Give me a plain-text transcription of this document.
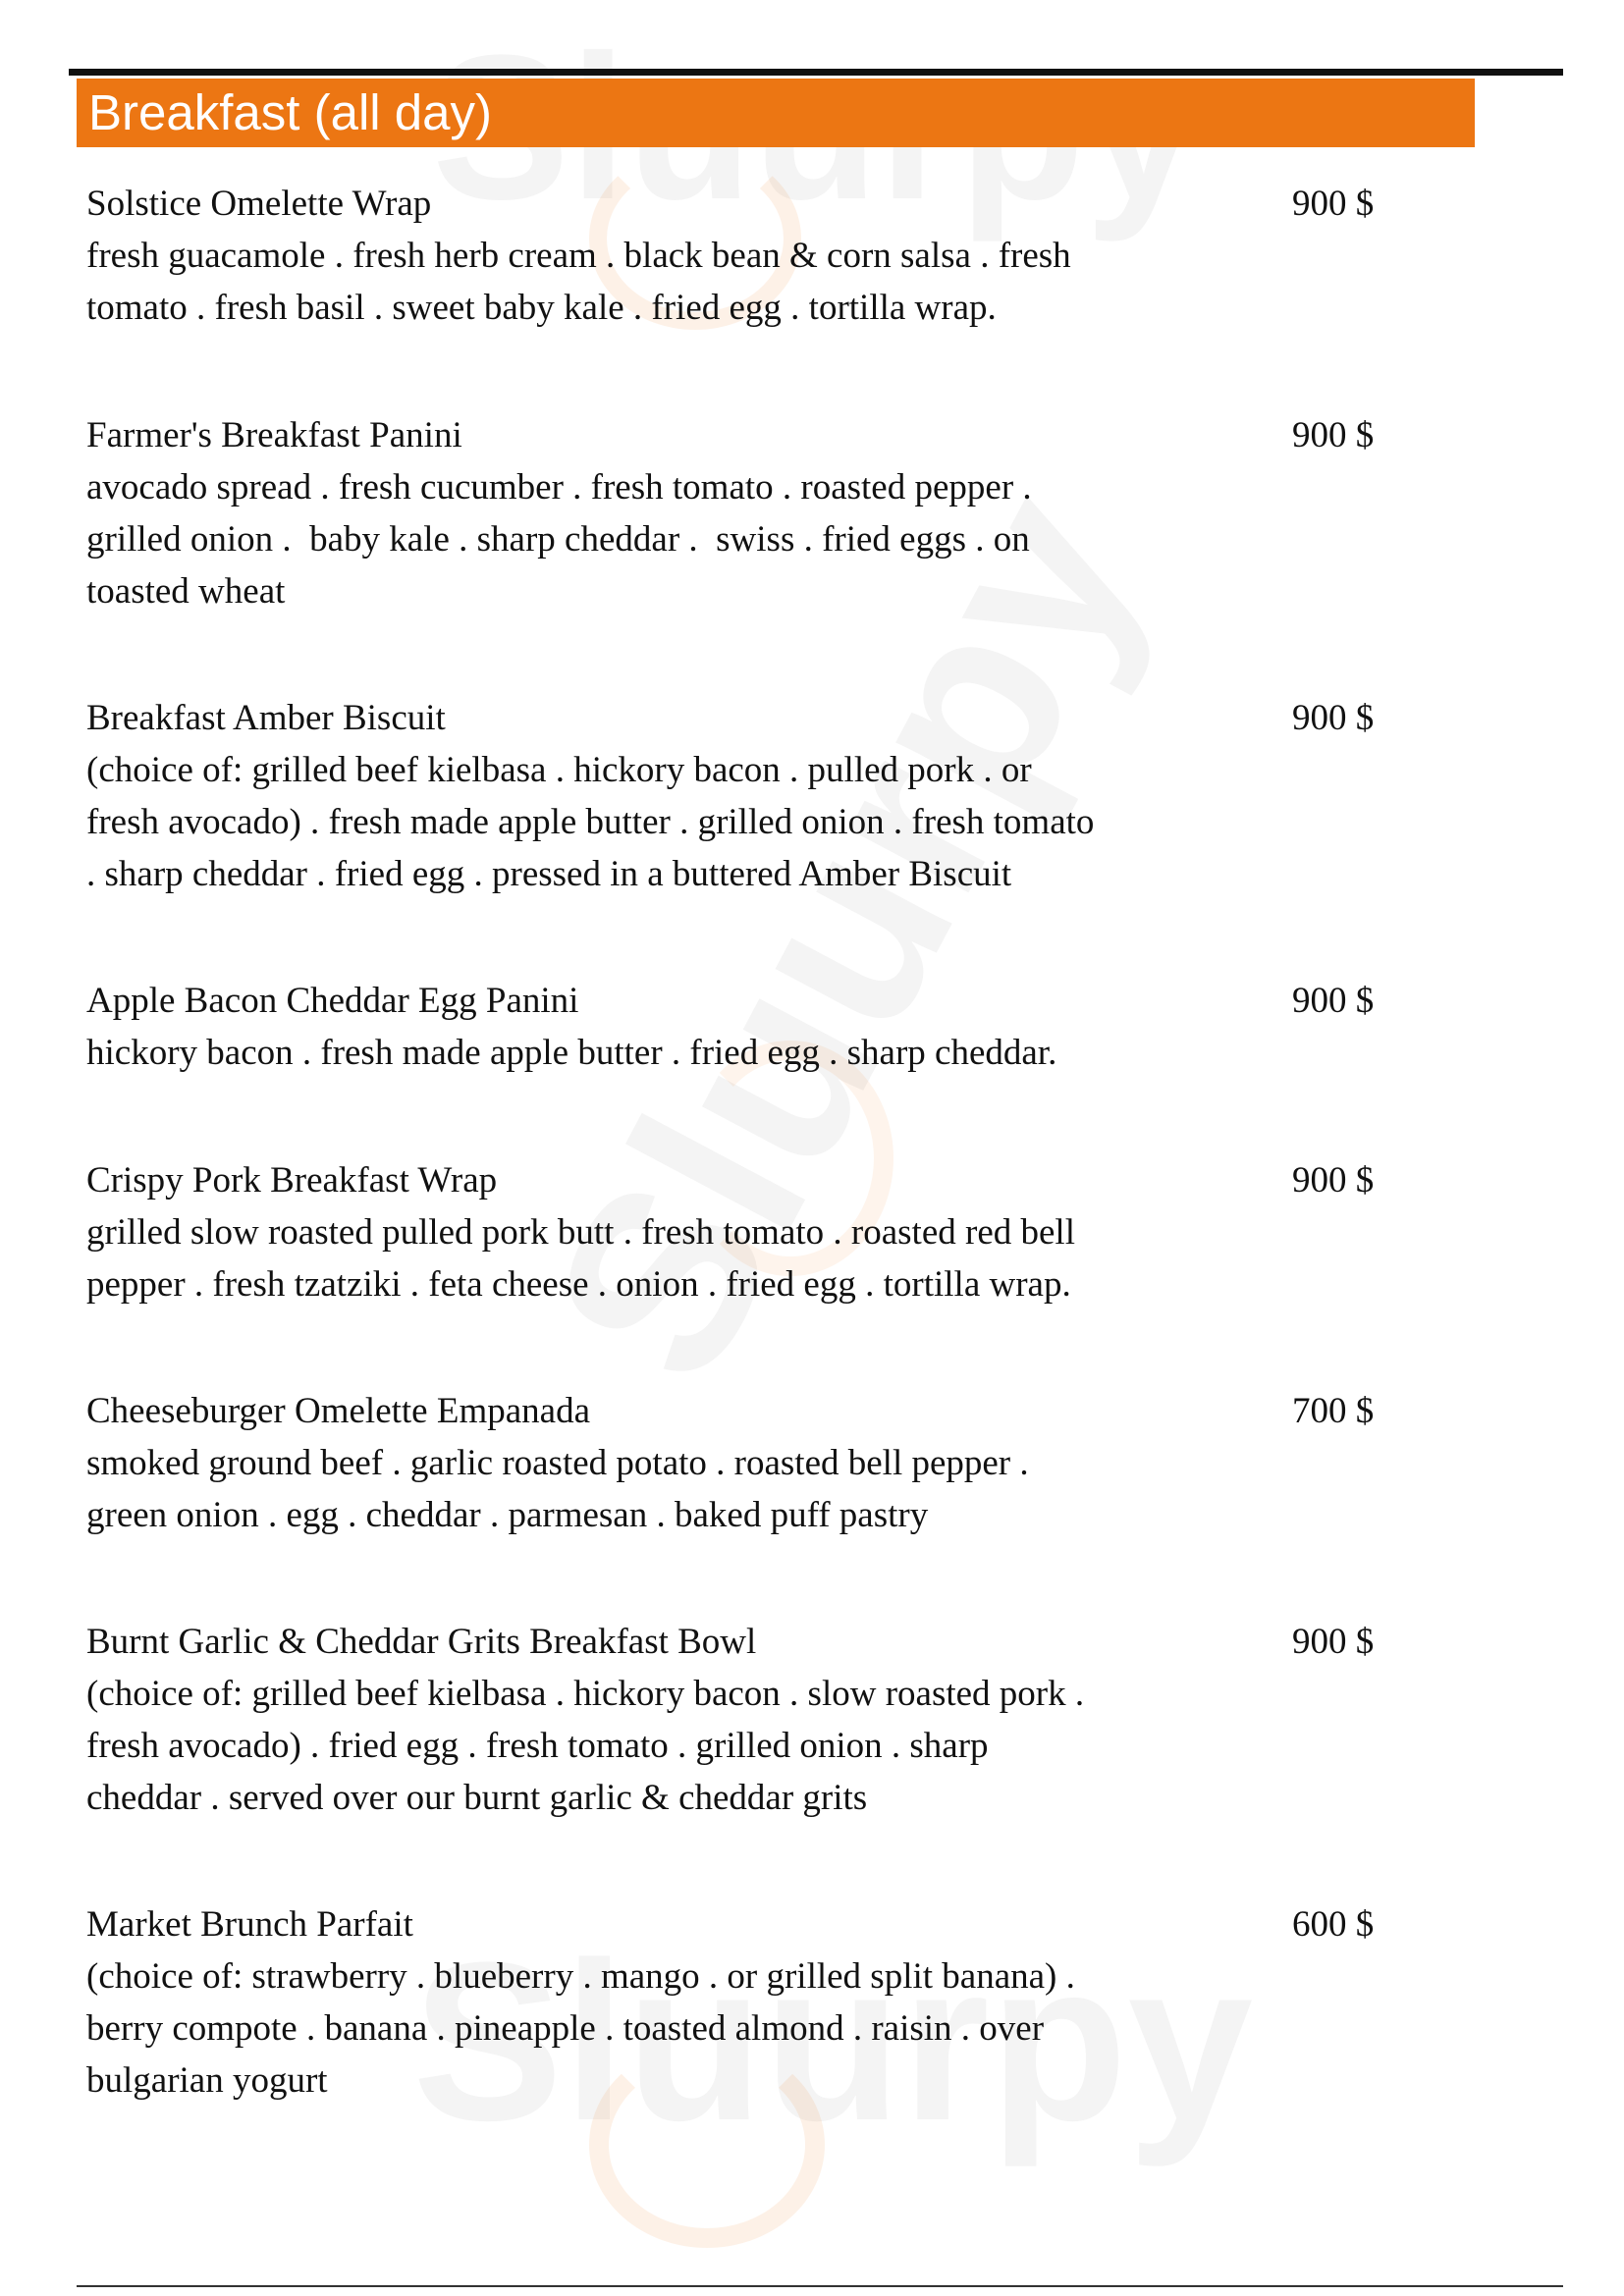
Breakfast (all day)
Solstice Omelette Wrap
fresh guacamole . fresh herb cream . black bean & corn salsa . fresh
tomato . fresh basil . sweet baby kale . fried egg . tortilla wrap.
900 $
Farmer's Breakfast Panini
avocado spread . fresh cucumber . fresh tomato . roasted pepper .
grilled onion .  baby kale . sharp cheddar .  swiss . fried eggs . on
toasted wheat
900 $
Breakfast Amber Biscuit
(choice of: grilled beef kielbasa . hickory bacon . pulled pork . or
fresh avocado) . fresh made apple butter . grilled onion . fresh tomato
. sharp cheddar . fried egg . pressed in a buttered Amber Biscuit
900 $
Apple Bacon Cheddar Egg Panini
hickory bacon . fresh made apple butter . fried egg . sharp cheddar.
900 $
Crispy Pork Breakfast Wrap
grilled slow roasted pulled pork butt . fresh tomato . roasted red bell
pepper . fresh tzatziki . feta cheese . onion . fried egg . tortilla wrap.
900 $
Cheeseburger Omelette Empanada
smoked ground beef . garlic roasted potato . roasted bell pepper .
green onion . egg . cheddar . parmesan . baked puff pastry
700 $
Burnt Garlic & Cheddar Grits Breakfast Bowl
(choice of: grilled beef kielbasa . hickory bacon . slow roasted pork .
fresh avocado) . fried egg . fresh tomato . grilled onion . sharp
cheddar . served over our burnt garlic & cheddar grits
900 $
Market Brunch Parfait
(choice of: strawberry . blueberry . mango . or grilled split banana) .
berry compote . banana . pineapple . toasted almond . raisin . over
bulgarian yogurt
600 $
